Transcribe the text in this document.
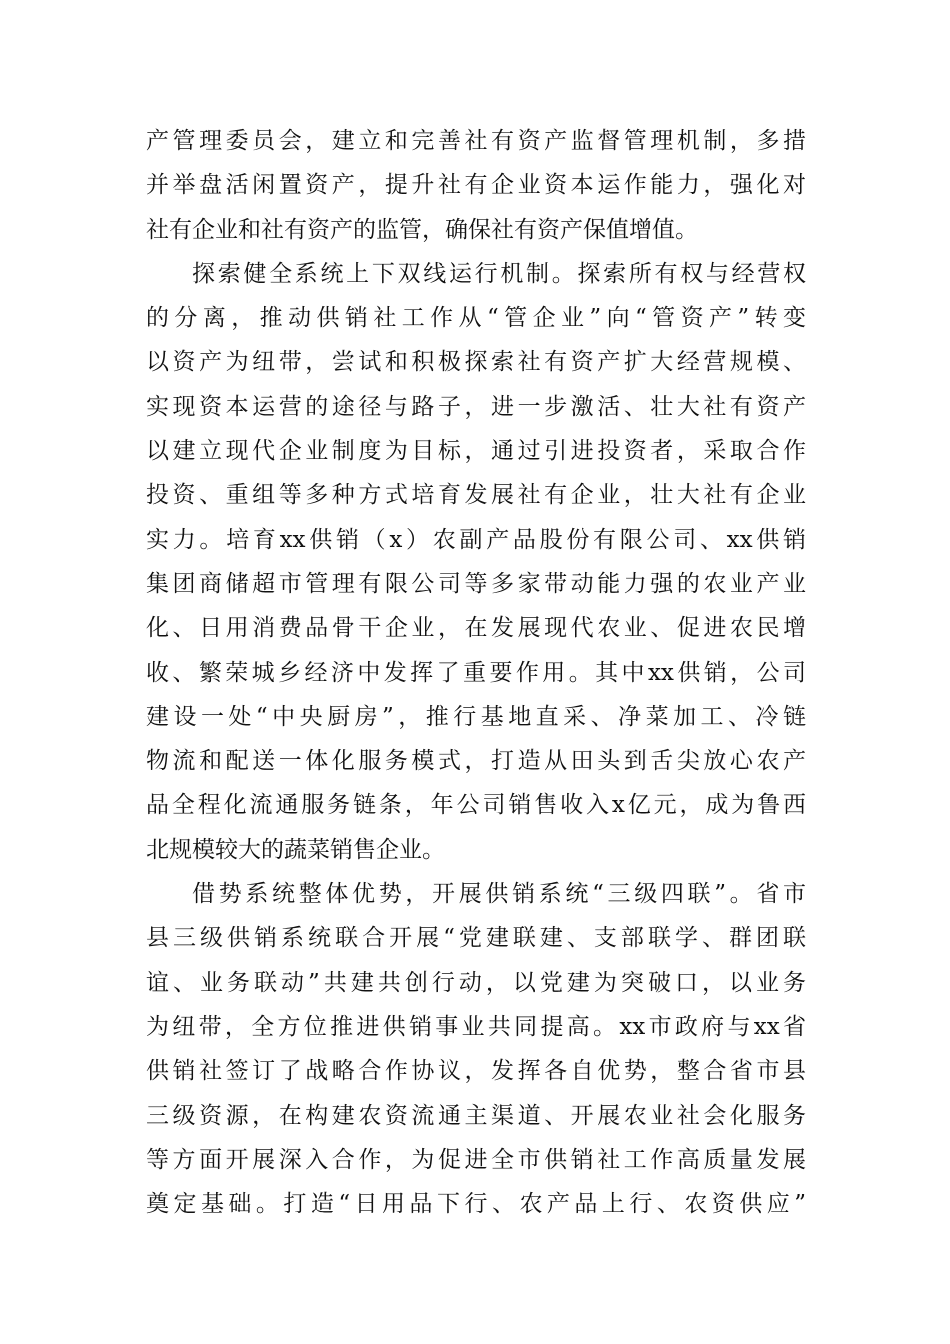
产管理委员会，建立和完善社有资产监督管理机制，多措
并举盘活闲置资产，提升社有企业资本运作能力，强化对
社有企业和社有资产的监管，确保社有资产保值增值。
探索健全系统上下双线运行机制。探索所有权与经营权
的分离，推动供销社工作从“管企业”向“管资产”转变
以资产为纽带，尝试和积极探索社有资产扩大经营规模、
实现资本运营的途径与路子，进一步激活、壮大社有资产
以建立现代企业制度为目标，通过引进投资者，采取合作
投资、重组等多种方式培育发展社有企业，壮大社有企业
实力。培育xx供销（x）农副产品股份有限公司、xx供销
集团商储超市管理有限公司等多家带动能力强的农业产业
化、日用消费品骨干企业，在发展现代农业、促进农民增
收、繁荣城乡经济中发挥了重要作用。其中xx供销，公司
建设一处“中央厨房”，推行基地直采、净菜加工、冷链
物流和配送一体化服务模式，打造从田头到舌尖放心农产
品全程化流通服务链条，年公司销售收入x亿元，成为鲁西
北规模较大的蔬菜销售企业。
借势系统整体优势，开展供销系统“三级四联”。省市
县三级供销系统联合开展“党建联建、支部联学、群团联
谊、业务联动”共建共创行动，以党建为突破口，以业务
为纽带，全方位推进供销事业共同提高。xx市政府与xx省
供销社签订了战略合作协议，发挥各自优势，整合省市县
三级资源，在构建农资流通主渠道、开展农业社会化服务
等方面开展深入合作，为促进全市供销社工作高质量发展
奠定基础。打造“日用品下行、农产品上行、农资供应”
